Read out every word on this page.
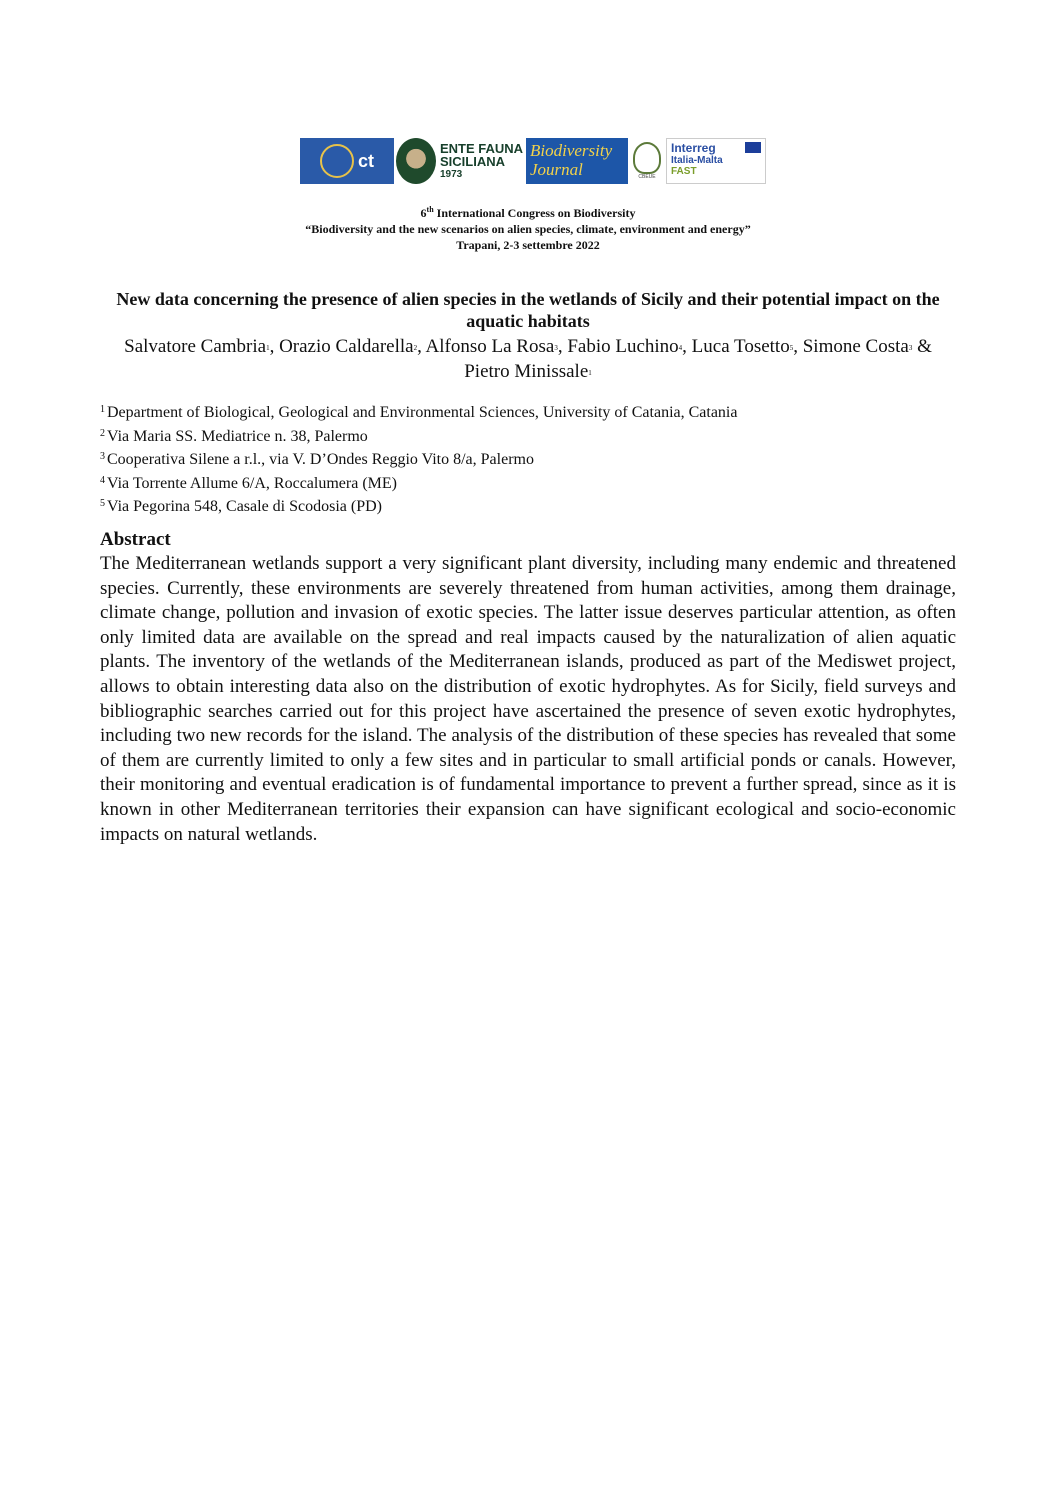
ct
ENTE FAUNA
SICILIANA
1973
Biodiversity
Journal	CBEUE
Interreg
Italia-Malta
FAST
6th International Congress on Biodiversity
“Biodiversity and the new scenarios on alien species, climate, environment and energy”
Trapani, 2-3 settembre 2022
New data concerning the presence of alien species in the wetlands of Sicily and their potential impact on the aquatic habitats
Salvatore Cambria$^1$, Orazio Caldarella$^2$, Alfonso La Rosa$^3$, Fabio Luchino$^4$, Luca Tosetto$^5$, Simone Costa$^3$ & Pietro Minissale$^1$
$^1$ Department of Biological, Geological and Environmental Sciences, University of Catania, Catania
$^2$ Via Maria SS. Mediatrice n. 38, Palermo
$^3$ Cooperativa Silene a r.l., via V. D’Ondes Reggio Vito 8/a, Palermo
$^4$ Via Torrente Allume 6/A, Roccalumera (ME)
$^5$ Via Pegorina 548, Casale di Scodosia (PD)
Abstract
The Mediterranean wetlands support a very significant plant diversity, including many endemic and threatened species. Currently, these environments are severely threatened from human activities, among them drainage, climate change, pollution and invasion of exotic species. The latter issue deserves particular attention, as often only limited data are available on the spread and real impacts caused by the naturalization of alien aquatic plants. The inventory of the wetlands of the Mediterranean islands, produced as part of the Mediswet project, allows to obtain interesting data also on the distribution of exotic hydrophytes. As for Sicily, field surveys and bibliographic searches carried out for this project have ascertained the presence of seven exotic hydrophytes, including two new records for the island. The analysis of the distribution of these species has revealed that some of them are currently limited to only a few sites and in particular to small artificial ponds or canals. However, their monitoring and eventual eradication is of fundamental importance to prevent a further spread, since as it is known in other Mediterranean territories their expansion can have significant ecological and socio-economic impacts on natural wetlands.
